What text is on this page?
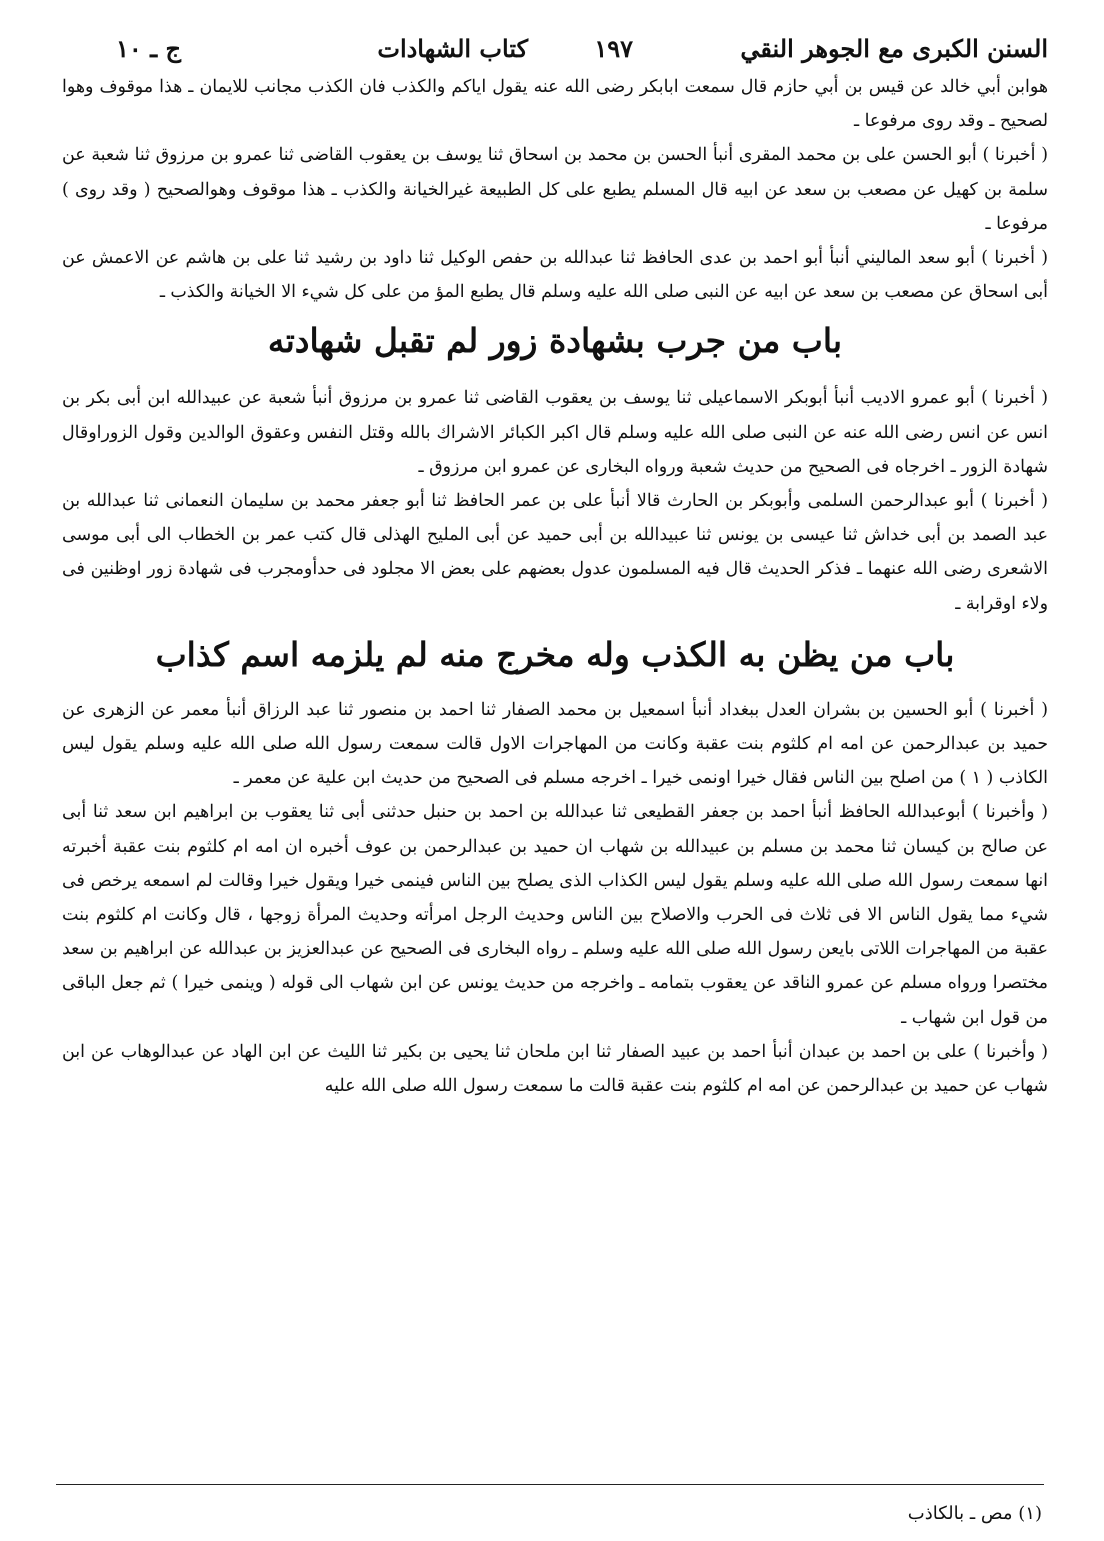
السنن الكبرى مع الجوهر النقي
١٩٧
كتاب الشهادات
ج ـ ١٠

هوابن أبي خالد عن قيس بن أبي حازم قال سمعت ابابكر رضى الله عنه يقول اياكم والكذب فان الكذب مجانب للايمان ـ هذا موقوف وهوا لصحيح ـ وقد روى مرفوعا ـ

( أخبرنا ) أبو الحسن على بن محمد المقرى أنبأ الحسن بن محمد بن اسحاق ثنا يوسف بن يعقوب القاضى ثنا عمرو بن مرزوق ثنا شعبة عن سلمة بن كهيل عن مصعب بن سعد عن ابيه قال المسلم يطبع على كل الطبيعة غيرالخيانة والكذب ـ هذا موقوف وهوالصحيح ( وقد روى ) مرفوعا ـ

( أخبرنا ) أبو سعد الماليني أنبأ أبو احمد بن عدى الحافظ ثنا عبدالله بن حفص الوكيل ثنا داود بن رشيد ثنا على بن هاشم عن الاعمش عن أبى اسحاق عن مصعب بن سعد عن ابيه عن النبى صلى الله عليه وسلم قال يطبع المؤ من على كل شيء الا الخيانة والكذب ـ

باب من جرب بشهادة زور لم تقبل شهادته

( أخبرنا ) أبو عمرو الاديب أنبأ أبوبكر الاسماعيلى ثنا يوسف بن يعقوب القاضى ثنا عمرو بن مرزوق أنبأ شعبة عن عبيدالله ابن أبى بكر بن انس عن انس رضى الله عنه عن النبى صلى الله عليه وسلم قال اكبر الكبائر الاشراك بالله وقتل النفس وعقوق الوالدين وقول الزوراوقال شهادة الزور ـ اخرجاه فى الصحيح من حديث شعبة ورواه البخارى عن عمرو ابن مرزوق ـ

( أخبرنا ) أبو عبدالرحمن السلمى وأبوبكر بن الحارث قالا أنبأ على بن عمر الحافظ ثنا أبو جعفر محمد بن سليمان النعمانى ثنا عبدالله بن عبد الصمد بن أبى خداش ثنا عيسى بن يونس ثنا عبيدالله بن أبى حميد عن أبى المليح الهذلى قال كتب عمر بن الخطاب الى أبى موسى الاشعرى رضى الله عنهما ـ فذكر الحديث قال فيه المسلمون عدول بعضهم على بعض الا مجلود فى حدأومجرب فى شهادة زور اوظنين فى ولاء اوقرابة ـ

باب من يظن به الكذب وله مخرج منه لم يلزمه اسم كذاب

( أخبرنا ) أبو الحسين بن بشران العدل ببغداد أنبأ اسمعيل بن محمد الصفار ثنا احمد بن منصور ثنا عبد الرزاق أنبأ معمر عن الزهرى عن حميد بن عبدالرحمن عن امه ام كلثوم بنت عقبة وكانت من المهاجرات الاول قالت سمعت رسول الله صلى الله عليه وسلم يقول ليس الكاذب ( ١ ) من اصلح بين الناس فقال خيرا اونمى خيرا ـ اخرجه مسلم فى الصحيح من حديث ابن علية عن معمر ـ

( وأخبرنا ) أبوعبدالله الحافظ أنبأ احمد بن جعفر القطيعى ثنا عبدالله بن احمد بن حنبل حدثنى أبى ثنا يعقوب بن ابراهيم ابن سعد ثنا أبى عن صالح بن كيسان ثنا محمد بن مسلم بن عبيدالله بن شهاب ان حميد بن عبدالرحمن بن عوف أخبره ان امه ام كلثوم بنت عقبة أخبرته انها سمعت رسول الله صلى الله عليه وسلم يقول ليس الكذاب الذى يصلح بين الناس فينمى خيرا ويقول خيرا وقالت لم اسمعه يرخص فى شيء مما يقول الناس الا فى ثلاث فى الحرب والاصلاح بين الناس وحديث الرجل امرأته وحديث المرأة زوجها ، قال وكانت ام كلثوم بنت عقبة من المهاجرات اللاتى بايعن رسول الله صلى الله عليه وسلم ـ رواه البخارى فى الصحيح عن عبدالعزيز بن عبدالله عن ابراهيم بن سعد مختصرا ورواه مسلم عن عمرو الناقد عن يعقوب بتمامه ـ واخرجه من حديث يونس عن ابن شهاب الى قوله ( وينمى خيرا ) ثم جعل الباقى من قول ابن شهاب ـ

( وأخبرنا ) على بن احمد بن عبدان أنبأ احمد بن عبيد الصفار ثنا ابن ملحان ثنا يحيى بن بكير ثنا الليث عن ابن الهاد عن عبدالوهاب عن ابن شهاب عن حميد بن عبدالرحمن عن امه ام كلثوم بنت عقبة قالت ما سمعت رسول الله صلى الله عليه

(١) مص ـ بالكاذب
